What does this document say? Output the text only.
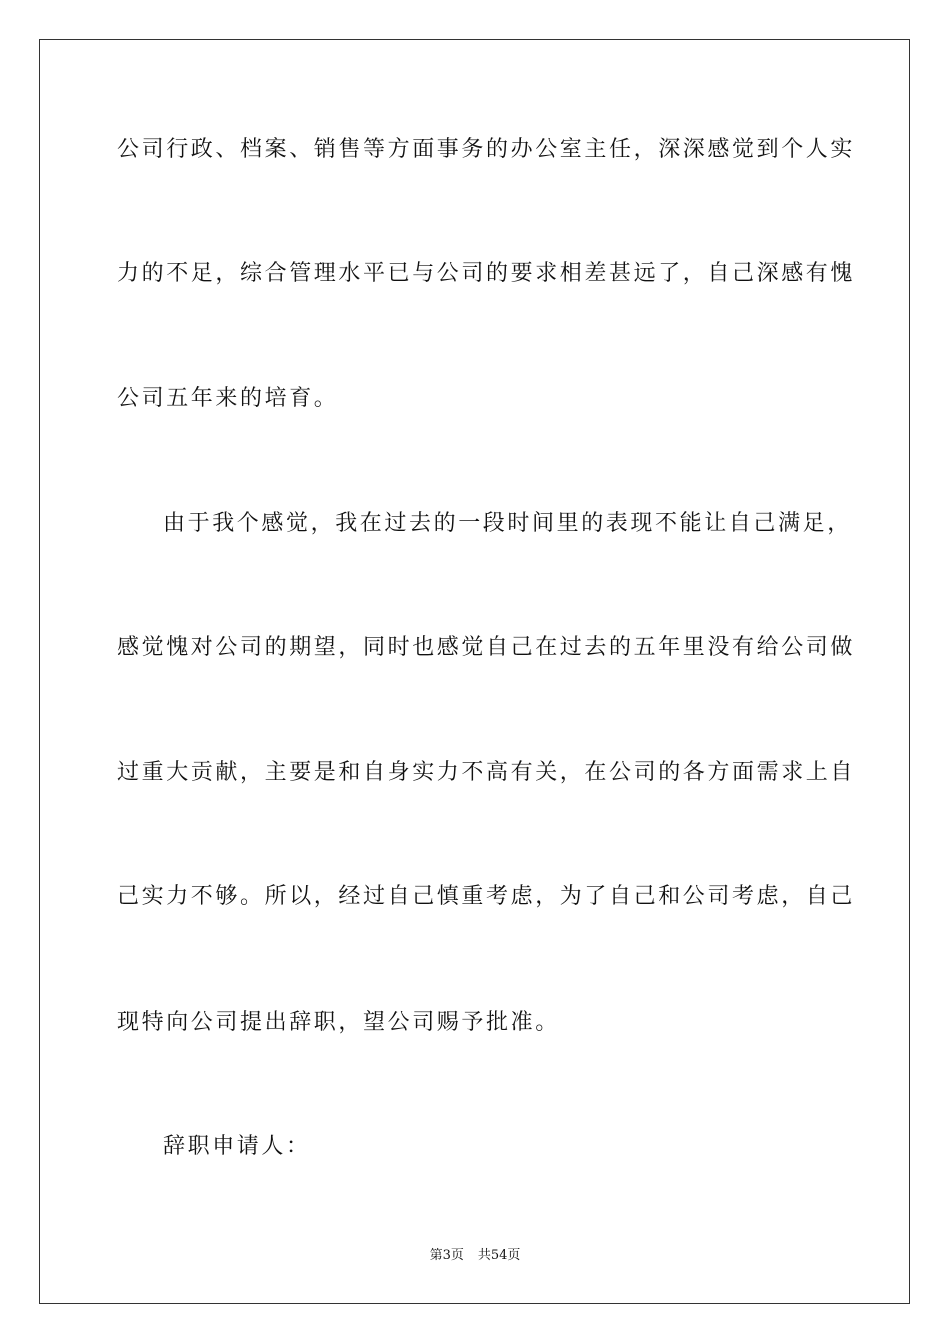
公司行政、档案、销售等方面事务的办公室主任，深深感觉到个人实
力的不足，综合管理水平已与公司的要求相差甚远了，自己深感有愧
公司五年来的培育。
由于我个感觉，我在过去的一段时间里的表现不能让自己满足，
感觉愧对公司的期望，同时也感觉自己在过去的五年里没有给公司做
过重大贡献，主要是和自身实力不高有关，在公司的各方面需求上自
己实力不够。所以，经过自己慎重考虑，为了自己和公司考虑，自己
现特向公司提出辞职，望公司赐予批准。
辞职申请人：
第3页 共54页
